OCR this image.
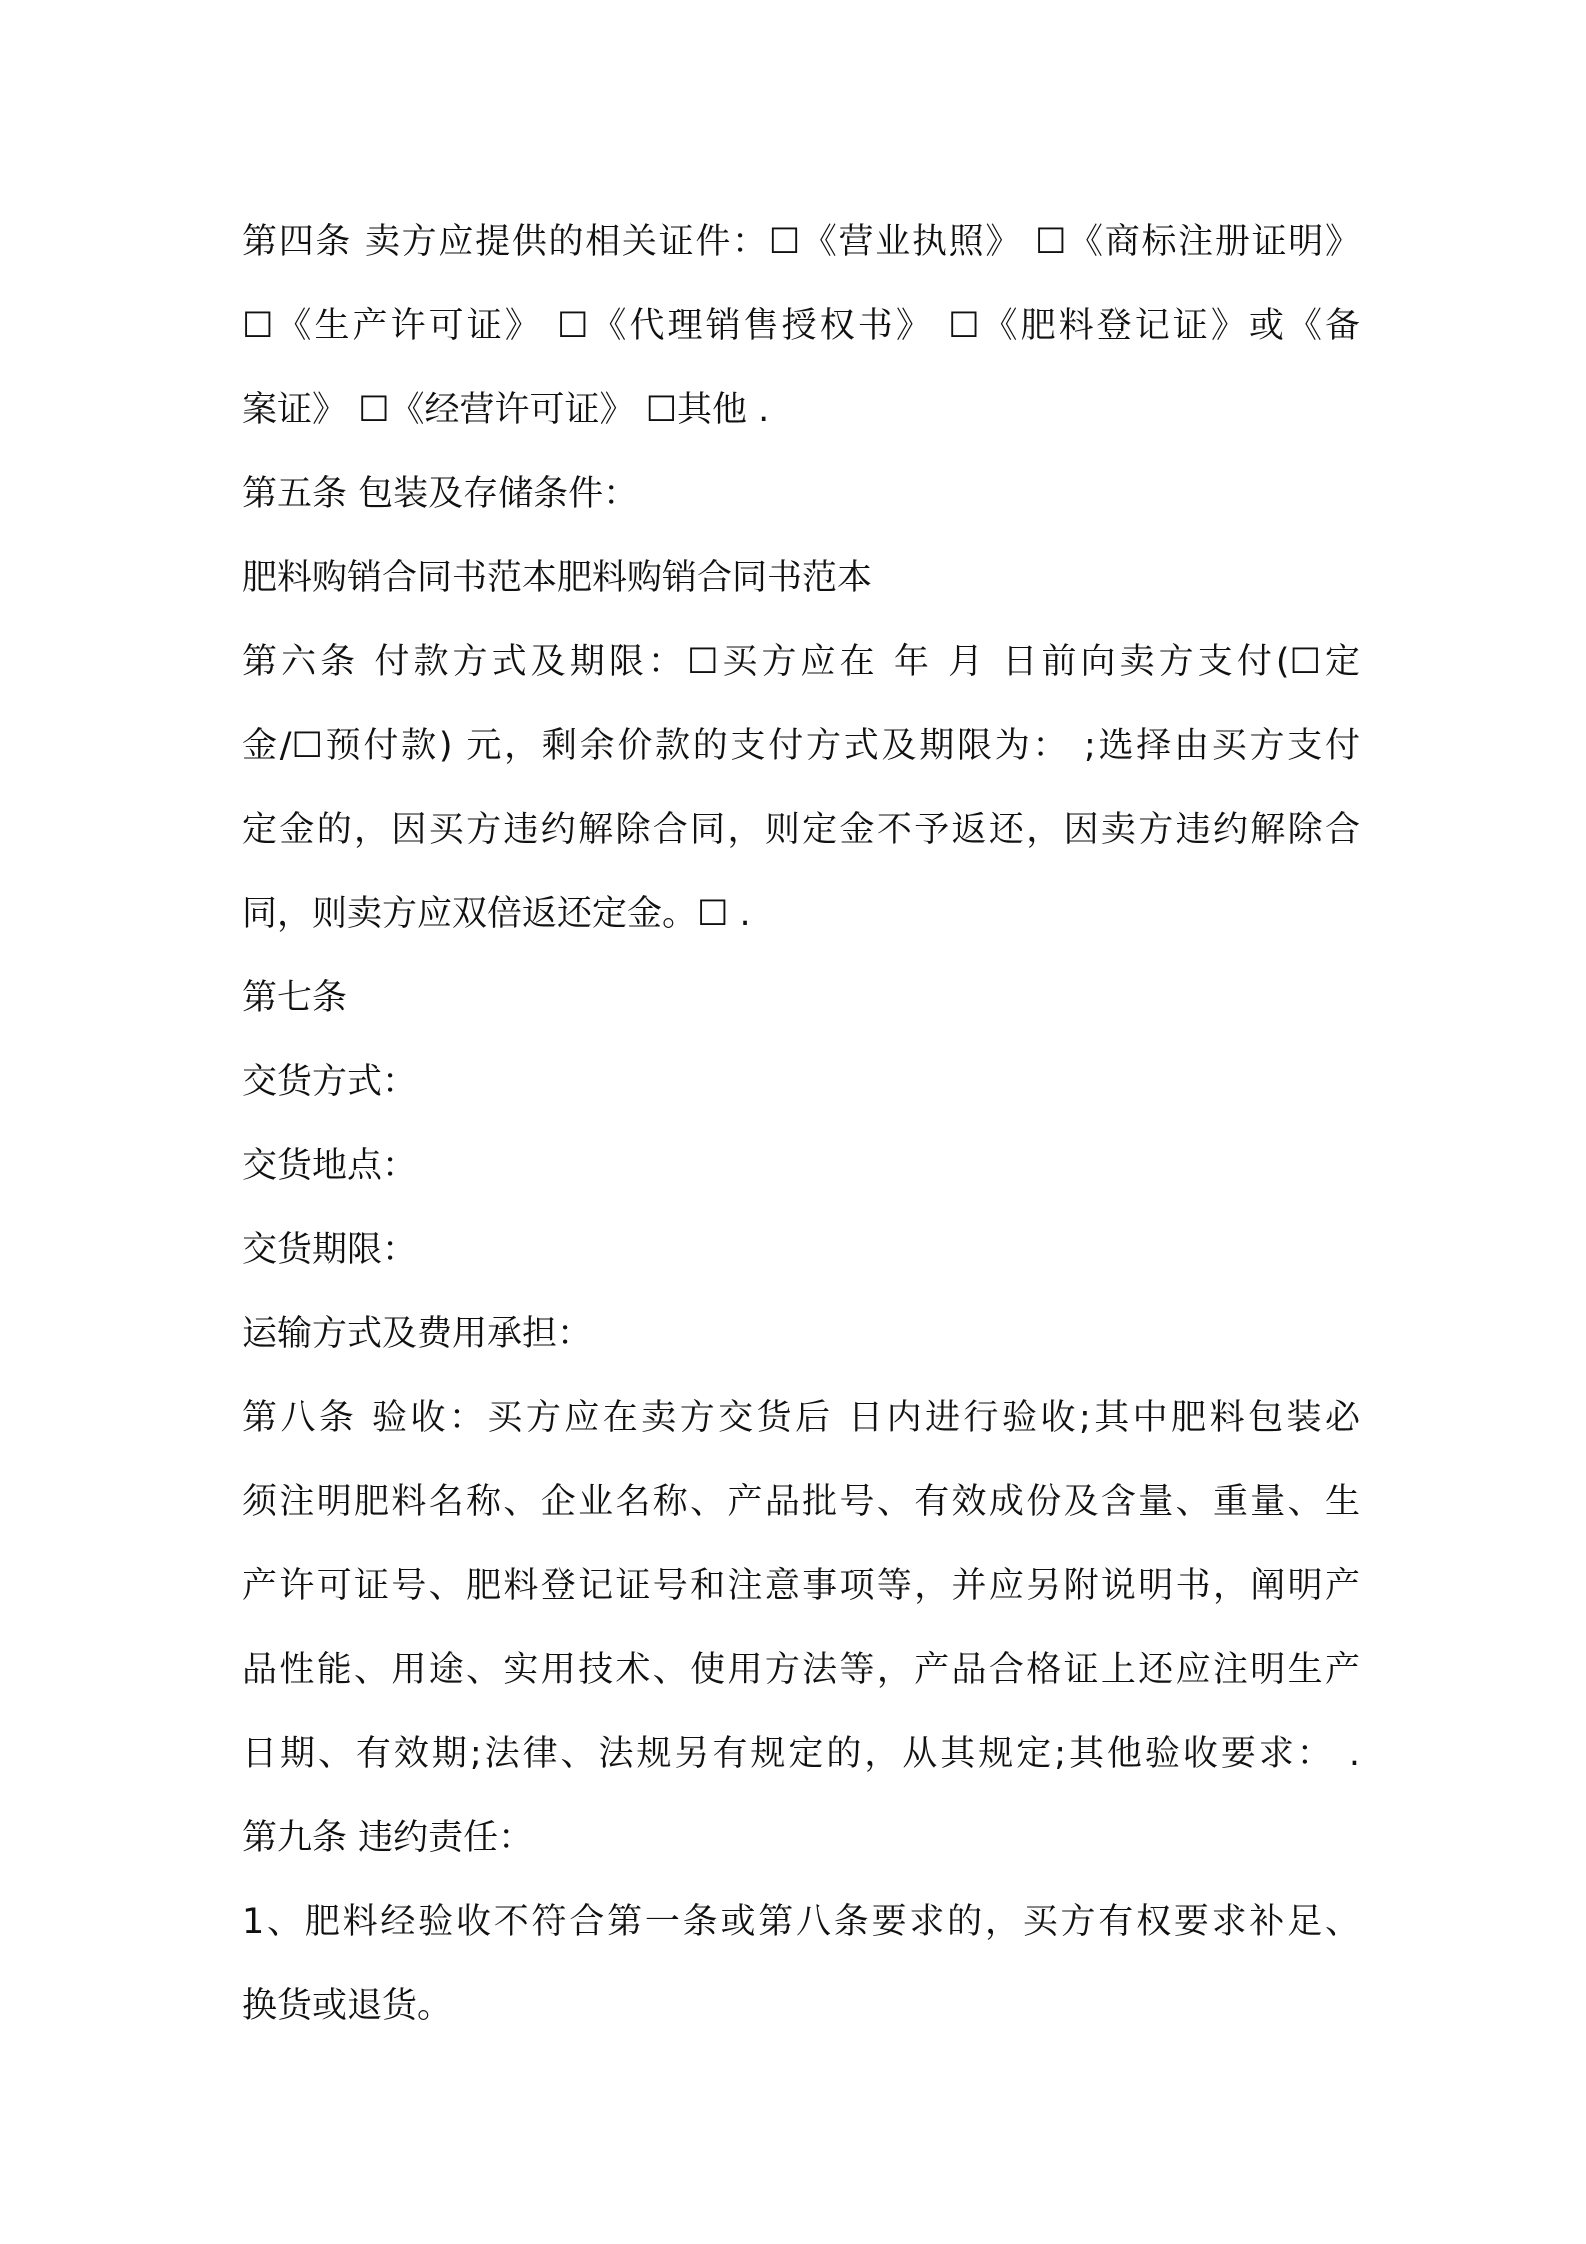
第四条 卖方应提供的相关证件：☐《营业执照》 ☐《商标注册证明》
☐《生产许可证》 ☐《代理销售授权书》 ☐《肥料登记证》或《备
案证》 ☐《经营许可证》 ☐其他 .
第五条 包装及存储条件：
肥料购销合同书范本肥料购销合同书范本
第六条 付款方式及期限：☐买方应在 年 月 日前向卖方支付(☐定
金/☐预付款) 元，剩余价款的支付方式及期限为： ;选择由买方支付
定金的，因买方违约解除合同，则定金不予返还，因卖方违约解除合
同，则卖方应双倍返还定金。☐ .
第七条
交货方式：
交货地点：
交货期限：
运输方式及费用承担：
第八条 验收：买方应在卖方交货后 日内进行验收;其中肥料包装必
须注明肥料名称、企业名称、产品批号、有效成份及含量、重量、生
产许可证号、肥料登记证号和注意事项等，并应另附说明书，阐明产
品性能、用途、实用技术、使用方法等，产品合格证上还应注明生产
日期、有效期;法律、法规另有规定的，从其规定;其他验收要求： .
第九条 违约责任：
1、肥料经验收不符合第一条或第八条要求的，买方有权要求补足、
换货或退货。
